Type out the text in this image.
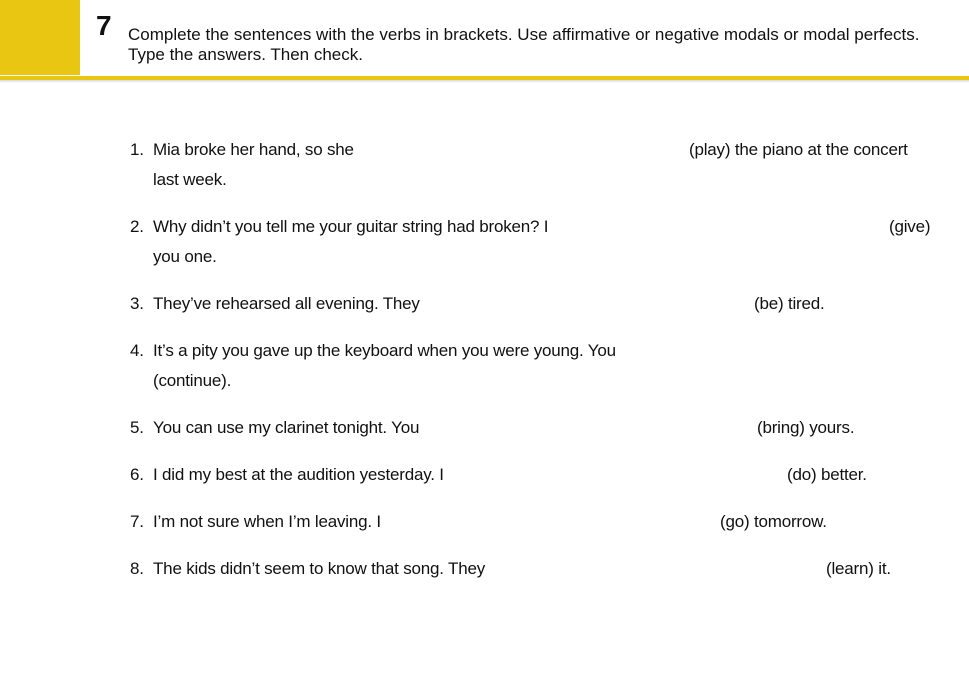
7 Complete the sentences with the verbs in brackets. Use affirmative or negative modals or modal perfects. Type the answers. Then check.
1. Mia broke her hand, so she	(play) the piano at the concert
last week.
2. Why didn’t you tell me your guitar string had broken? I	(give)
you one.
3. They’ve rehearsed all evening. They	(be) tired.
4. It’s a pity you gave up the keyboard when you were young. You
(continue).
5. You can use my clarinet tonight. You	(bring) yours.
6. I did my best at the audition yesterday. I	(do) better.
7. I’m not sure when I’m leaving. I	(go) tomorrow.
8. The kids didn’t seem to know that song. They	(learn) it.
